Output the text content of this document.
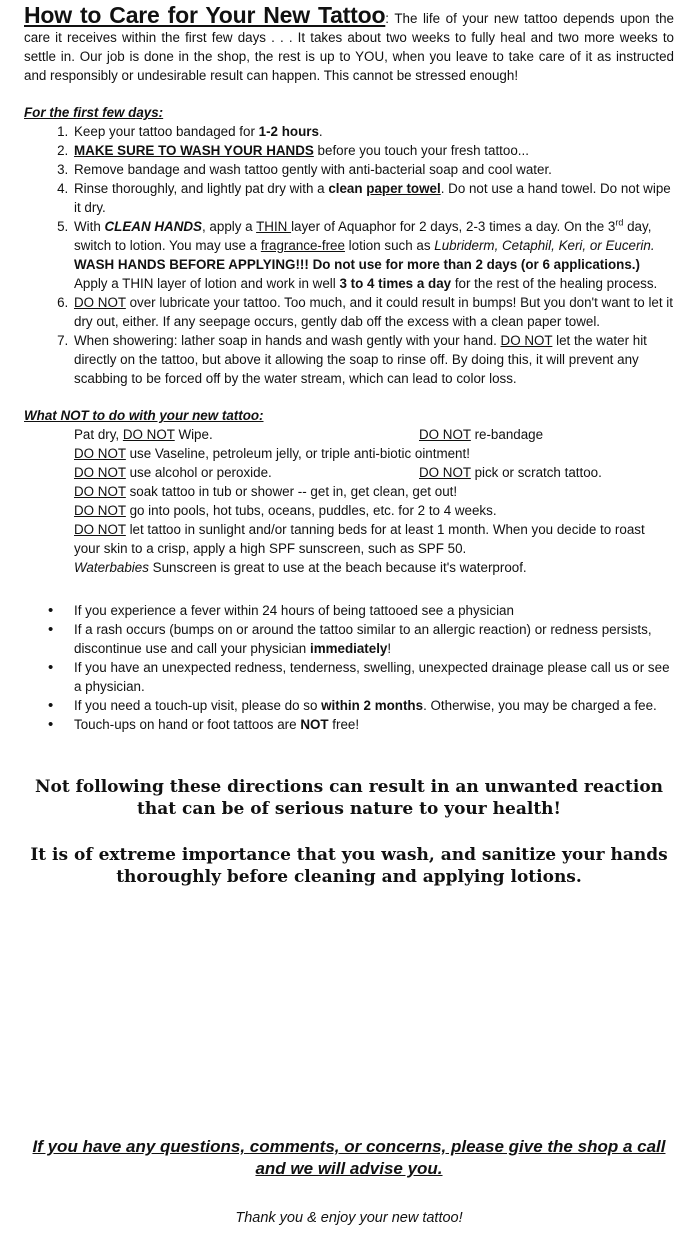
How to Care for Your New Tattoo: The life of your new tattoo depends upon the care it receives within the first few days . . . It takes about two weeks to fully heal and two more weeks to settle in. Our job is done in the shop, the rest is up to YOU, when you leave to take care of it as instructed and responsibly or undesirable result can happen. This cannot be stressed enough!

For the first few days:

1. Keep your tattoo bandaged for 1-2 hours.
2. MAKE SURE TO WASH YOUR HANDS before you touch your fresh tattoo...
3. Remove bandage and wash tattoo gently with anti-bacterial soap and cool water.
4. Rinse thoroughly, and lightly pat dry with a clean paper towel. Do not use a hand towel. Do not wipe it dry.
5. With CLEAN HANDS, apply a THIN layer of Aquaphor for 2 days, 2-3 times a day. On the 3rd day, switch to lotion. You may use a fragrance-free lotion such as Lubriderm, Cetaphil, Keri, or Eucerin. WASH HANDS BEFORE APPLYING!!! Do not use for more than 2 days (or 6 applications.) Apply a THIN layer of lotion and work in well 3 to 4 times a day for the rest of the healing process.
6. DO NOT over lubricate your tattoo. Too much, and it could result in bumps! But you don't want to let it dry out, either. If any seepage occurs, gently dab off the excess with a clean paper towel.
7. When showering: lather soap in hands and wash gently with your hand. DO NOT let the water hit directly on the tattoo, but above it allowing the soap to rinse off. By doing this, it will prevent any scabbing to be forced off by the water stream, which can lead to color loss.

What NOT to do with your new tattoo:

Pat dry, DO NOT Wipe.	DO NOT re-bandage
DO NOT use Vaseline, petroleum jelly, or triple anti-biotic ointment!
DO NOT use alcohol or peroxide.	DO NOT pick or scratch tattoo.
DO NOT soak tattoo in tub or shower -- get in, get clean, get out!
DO NOT go into pools, hot tubs, oceans, puddles, etc. for 2 to 4 weeks.
DO NOT let tattoo in sunlight and/or tanning beds for at least 1 month. When you decide to roast your skin to a crisp, apply a high SPF sunscreen, such as SPF 50.
Waterbabies Sunscreen is great to use at the beach because it's waterproof.
• If you experience a fever within 24 hours of being tattooed see a physician
• If a rash occurs (bumps on or around the tattoo similar to an allergic reaction) or redness persists, discontinue use and call your physician immediately!
• If you have an unexpected redness, tenderness, swelling, unexpected drainage please call us or see a physician.
• If you need a touch-up visit, please do so within 2 months. Otherwise, you may be charged a fee.
• Touch-ups on hand or foot tattoos are NOT free!

Not following these directions can result in an unwanted reaction that can be of serious nature to your health!

It is of extreme importance that you wash, and sanitize your hands thoroughly before cleaning and applying lotions.

If you have any questions, comments, or concerns, please give the shop a call and we will advise you.

Thank you & enjoy your new tattoo!
